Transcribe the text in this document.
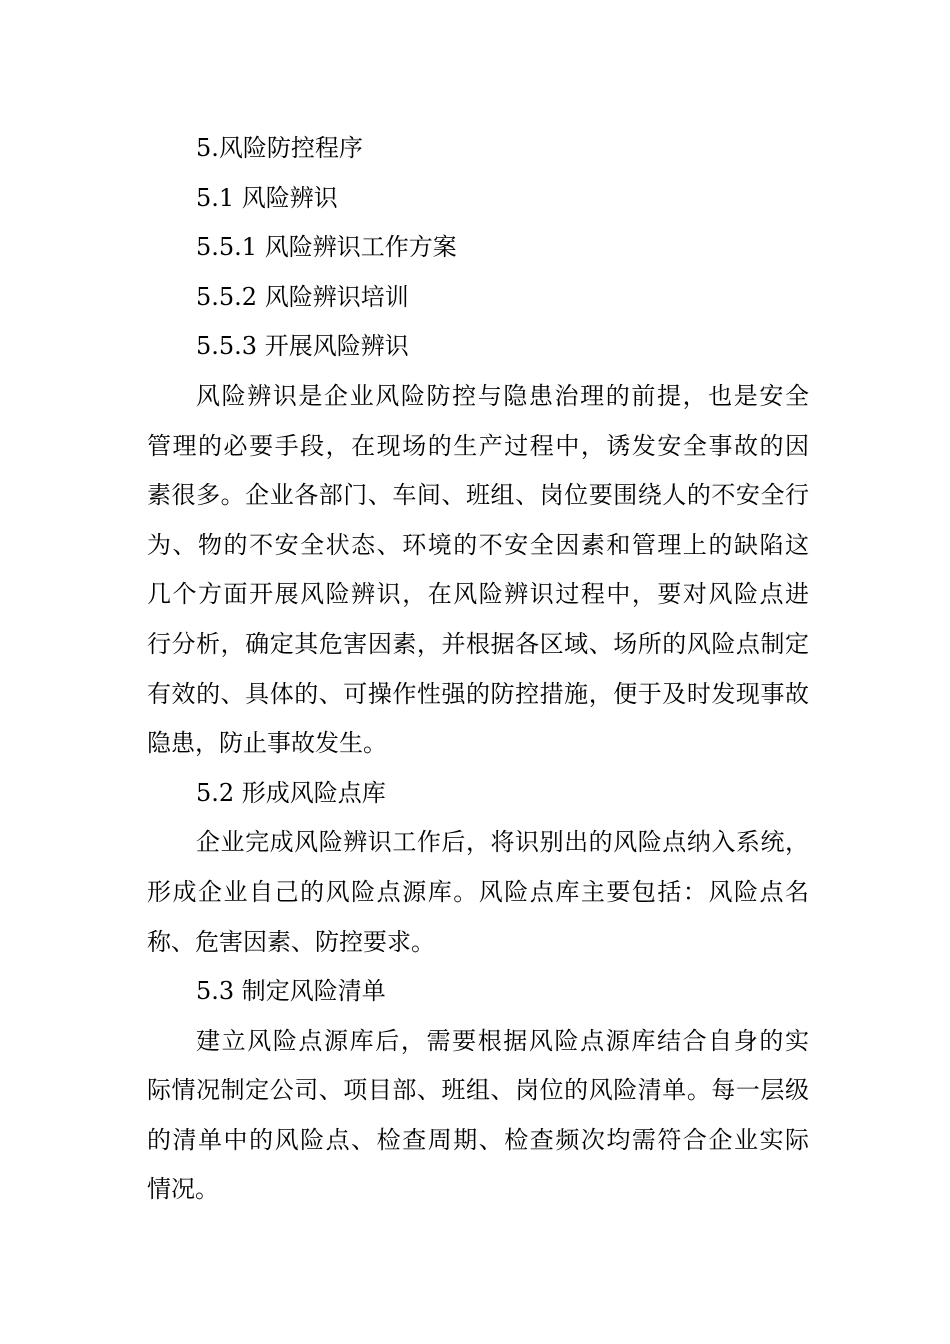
5.风险防控程序
5.1 风险辨识
5.5.1 风险辨识工作方案
5.5.2 风险辨识培训
5.5.3 开展风险辨识
风险辨识是企业风险防控与隐患治理的前提，也是安全
管理的必要手段，在现场的生产过程中，诱发安全事故的因
素很多。企业各部门、车间、班组、岗位要围绕人的不安全行
为、物的不安全状态、环境的不安全因素和管理上的缺陷这
几个方面开展风险辨识，在风险辨识过程中，要对风险点进
行分析，确定其危害因素，并根据各区域、场所的风险点制定
有效的、具体的、可操作性强的防控措施，便于及时发现事故
隐患，防止事故发生。
5.2 形成风险点库
企业完成风险辨识工作后，将识别出的风险点纳入系统，
形成企业自己的风险点源库。风险点库主要包括：风险点名
称、危害因素、防控要求。
5.3 制定风险清单
建立风险点源库后，需要根据风险点源库结合自身的实
际情况制定公司、项目部、班组、岗位的风险清单。每一层级
的清单中的风险点、检查周期、检查频次均需符合企业实际
情况。
